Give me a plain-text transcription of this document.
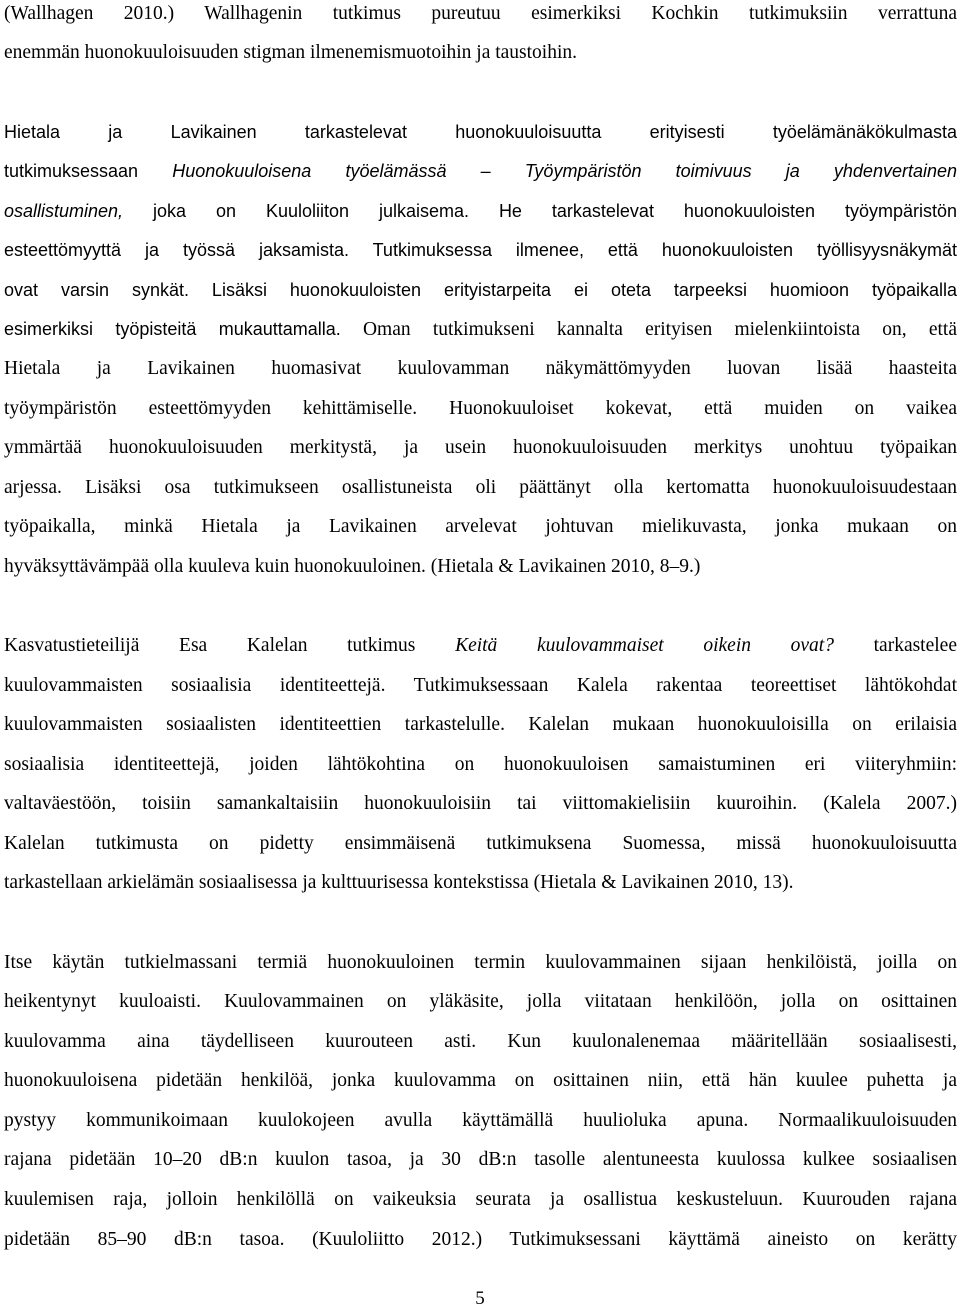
(Wallhagen 2010.) Wallhagenin tutkimus pureutuu esimerkiksi Kochkin tutkimuksiin verrattuna
enemmän huonokuuloisuuden stigman ilmenemismuotoihin ja taustoihin.
Hietala ja Lavikainen tarkastelevat huonokuuloisuutta erityisesti työelämänäkökulmasta
tutkimuksessaan Huonokuuloisena työelämässä – Työympäristön toimivuus ja yhdenvertainen
osallistuminen, joka on Kuuloliiton julkaisema. He tarkastelevat huonokuuloisten työympäristön
esteettömyyttä ja työssä jaksamista. Tutkimuksessa ilmenee, että huonokuuloisten työllisyysnäkymät
ovat varsin synkät. Lisäksi huonokuuloisten erityistarpeita ei oteta tarpeeksi huomioon työpaikalla
esimerkiksi työpisteitä mukauttamalla. Oman tutkimukseni kannalta erityisen mielenkiintoista on, että
Hietala ja Lavikainen huomasivat kuulovamman näkymättömyyden luovan lisää haasteita
työympäristön esteettömyyden kehittämiselle. Huonokuuloiset kokevat, että muiden on vaikea
ymmärtää huonokuuloisuuden merkitystä, ja usein huonokuuloisuuden merkitys unohtuu työpaikan
arjessa. Lisäksi osa tutkimukseen osallistuneista oli päättänyt olla kertomatta huonokuuloisuudestaan
työpaikalla, minkä Hietala ja Lavikainen arvelevat johtuvan mielikuvasta, jonka mukaan on
hyväksyttävämpää olla kuuleva kuin huonokuuloinen. (Hietala & Lavikainen 2010, 8–9.)
Kasvatustieteilijä Esa Kalelan tutkimus Keitä kuulovammaiset oikein ovat? tarkastelee
kuulovammaisten sosiaalisia identiteettejä. Tutkimuksessaan Kalela rakentaa teoreettiset lähtökohdat
kuulovammaisten sosiaalisten identiteettien tarkastelulle. Kalelan mukaan huonokuuloisilla on erilaisia
sosiaalisia identiteettejä, joiden lähtökohtina on huonokuuloisen samaistuminen eri viiteryhmiin:
valtaväestöön, toisiin samankaltaisiin huonokuuloisiin tai viittomakielisiin kuuroihin. (Kalela 2007.)
Kalelan tutkimusta on pidetty ensimmäisenä tutkimuksena Suomessa, missä huonokuuloisuutta
tarkastellaan arkielämän sosiaalisessa ja kulttuurisessa kontekstissa (Hietala & Lavikainen 2010, 13).
Itse käytän tutkielmassani termiä huonokuuloinen termin kuulovammainen sijaan henkilöistä, joilla on
heikentynyt kuuloaisti. Kuulovammainen on yläkäsite, jolla viitataan henkilöön, jolla on osittainen
kuulovamma aina täydelliseen kuurouteen asti. Kun kuulonalenemaa määritellään sosiaalisesti,
huonokuuloisena pidetään henkilöä, jonka kuulovamma on osittainen niin, että hän kuulee puhetta ja
pystyy kommunikoimaan kuulokojeen avulla käyttämällä huulioluka apuna. Normaalikuuloisuuden
rajana pidetään 10–20 dB:n kuulon tasoa, ja 30 dB:n tasolle alentuneesta kuulossa kulkee sosiaalisen
kuulemisen raja, jolloin henkilöllä on vaikeuksia seurata ja osallistua keskusteluun. Kuurouden rajana
pidetään 85–90 dB:n tasoa. (Kuuloliitto 2012.) Tutkimuksessani käyttämä aineisto on kerätty
5
